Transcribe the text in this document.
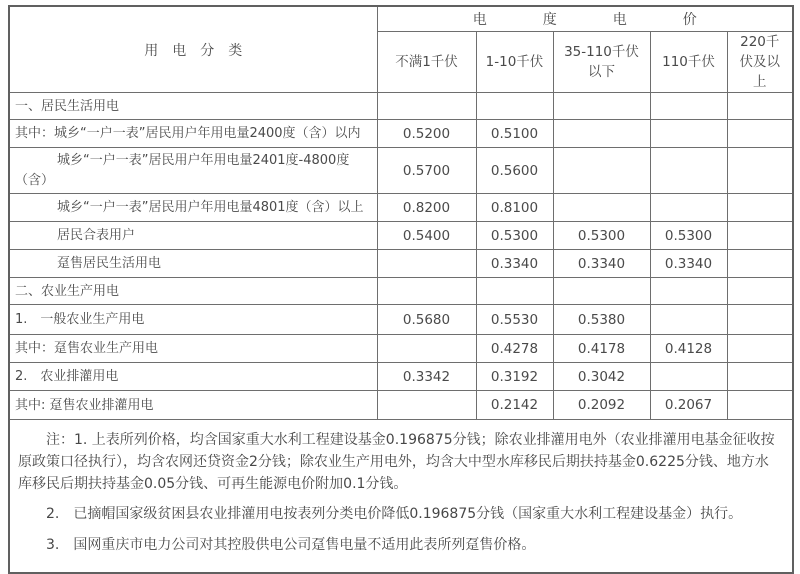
用电分类	电度电价				
	不满1千伏	1-10千伏	35-110千伏以下	110千伏	220千伏及以上
一、居民生活用电					
其中：城乡“一户一表”居民用户年用电量2400度（含）以内	0.5200	0.5100			
城乡“一户一表”居民用户年用电量2401度-4800度（含）	0.5700	0.5600			
城乡“一户一表”居民用户年用电量4801度（含）以上	0.8200	0.8100			
居民合表用户	0.5400	0.5300	0.5300	0.5300	
趸售居民生活用电		0.3340	0.3340	0.3340	
二、农业生产用电					
1.　一般农业生产用电	0.5680	0.5530	0.5380		
其中：趸售农业生产用电		0.4278	0.4178	0.4128	
2.　农业排灌用电	0.3342	0.3192	0.3042		
其中: 趸售农业排灌用电		0.2142	0.2092	0.2067	

　　注：1. 上表所列价格，均含国家重大水利工程建设基金0.196875分钱；除农业排灌用电外（农业排灌用电基金征收按原政策口径执行），均含农网还贷资金2分钱；除农业生产用电外，均含大中型水库移民后期扶持基金0.6225分钱、地方水库移民后期扶持基金0.05分钱、可再生能源电价附加0.1分钱。

　　2.　已摘帽国家级贫困县农业排灌用电按表列分类电价降低0.196875分钱（国家重大水利工程建设基金）执行。

　　3.　国网重庆市电力公司对其控股供电公司趸售电量不适用此表所列趸售价格。					
